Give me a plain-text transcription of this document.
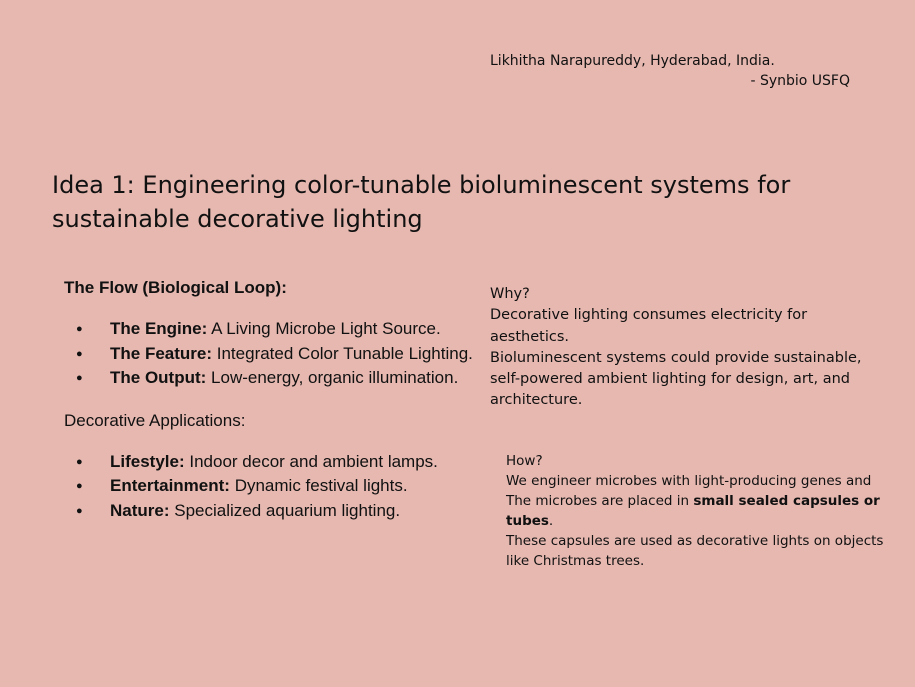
Likhitha Narapureddy, Hyderabad, India.
- Synbio USFQ
Idea 1: Engineering color-tunable bioluminescent systems for
sustainable decorative lighting
The Flow (Biological Loop):
● The Engine: A Living Microbe Light Source.
● The Feature: Integrated Color Tunable Lighting.
● The Output: Low-energy, organic illumination.
Decorative Applications:
● Lifestyle: Indoor decor and ambient lamps.
● Entertainment: Dynamic festival lights.
● Nature: Specialized aquarium lighting.
Why?
Decorative lighting consumes electricity for
aesthetics.
Bioluminescent systems could provide sustainable,
self-powered ambient lighting for design, art, and
architecture.
How?
We engineer microbes with light-producing genes and
The microbes are placed in small sealed capsules or
tubes.
These capsules are used as decorative lights on objects
like Christmas trees.
